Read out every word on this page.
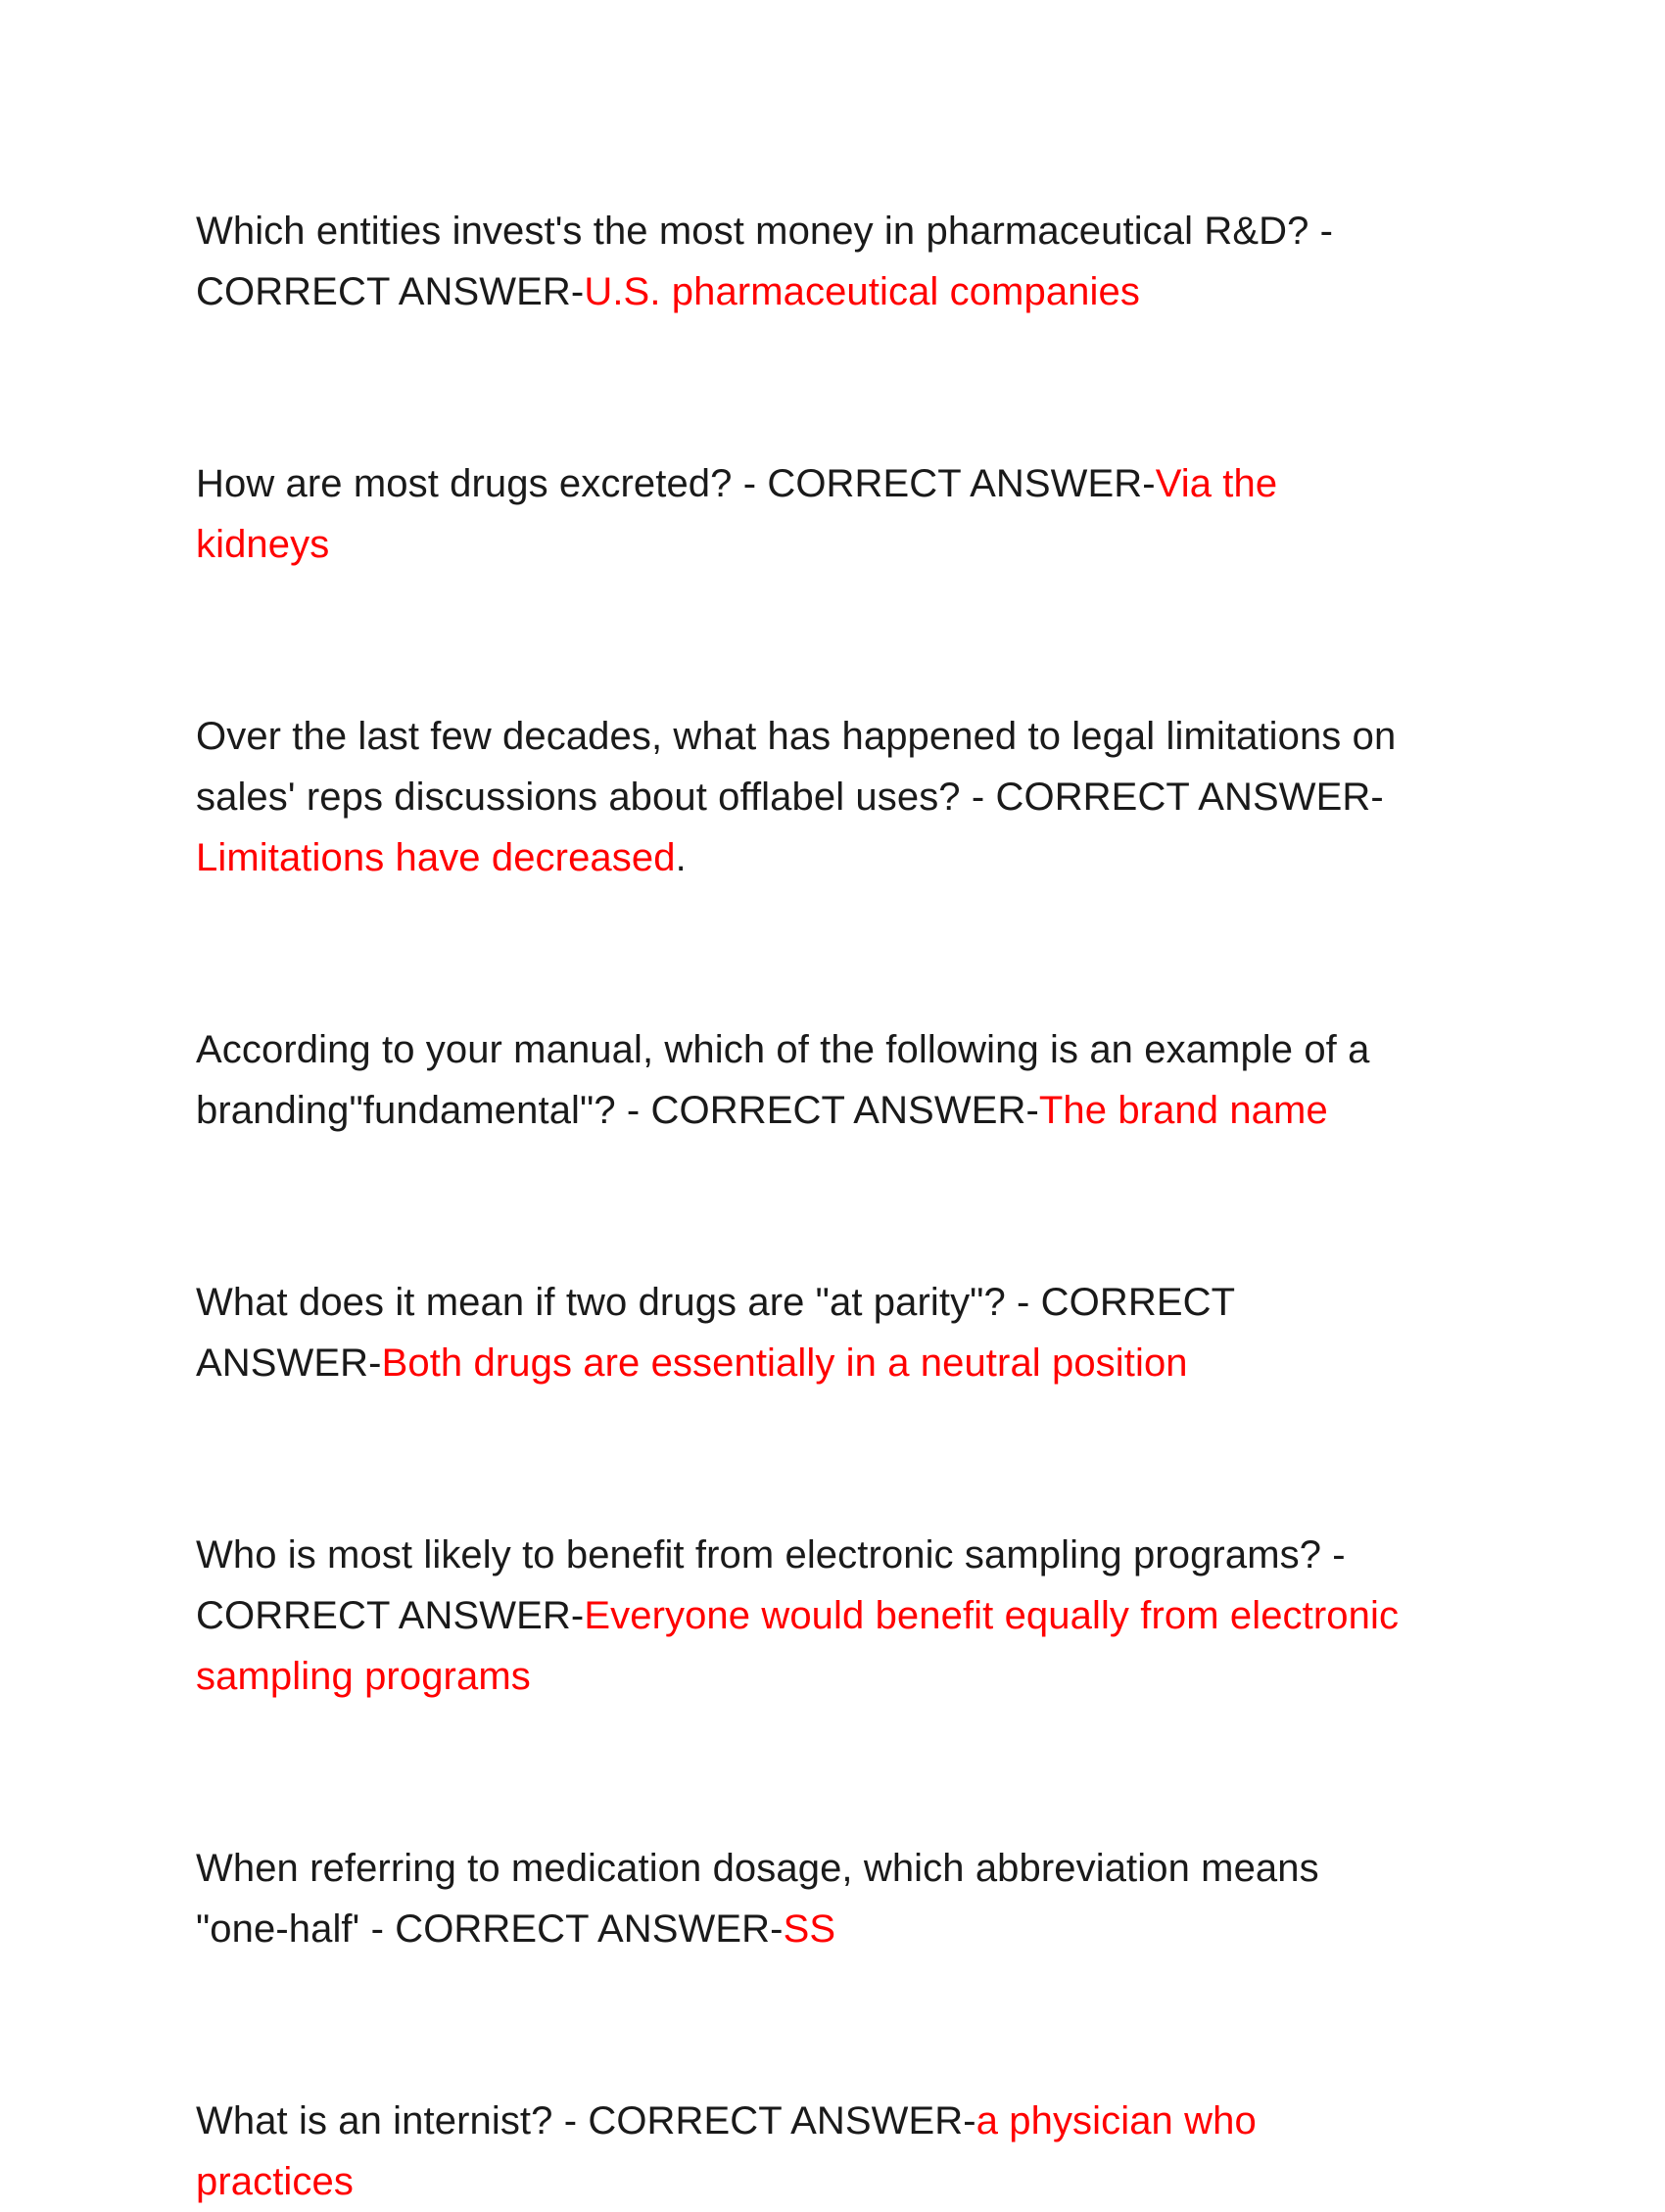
Which entities invest's the most money in pharmaceutical R&D? - CORRECT ANSWER-U.S. pharmaceutical companies

How are most drugs excreted? - CORRECT ANSWER-Via the kidneys

Over the last few decades, what has happened to legal limitations on sales' reps discussions about offlabel uses? - CORRECT ANSWER-Limitations have decreased.

According to your manual, which of the following is an example of a branding"fundamental"? - CORRECT ANSWER-The brand name

What does it mean if two drugs are "at parity"? - CORRECT ANSWER-Both drugs are essentially in a neutral position

Who is most likely to benefit from electronic sampling programs? - CORRECT ANSWER-Everyone would benefit equally from electronic sampling programs

When referring to medication dosage, which abbreviation means "one-half' - CORRECT ANSWER-SS

What is an internist? - CORRECT ANSWER-a physician who practices
